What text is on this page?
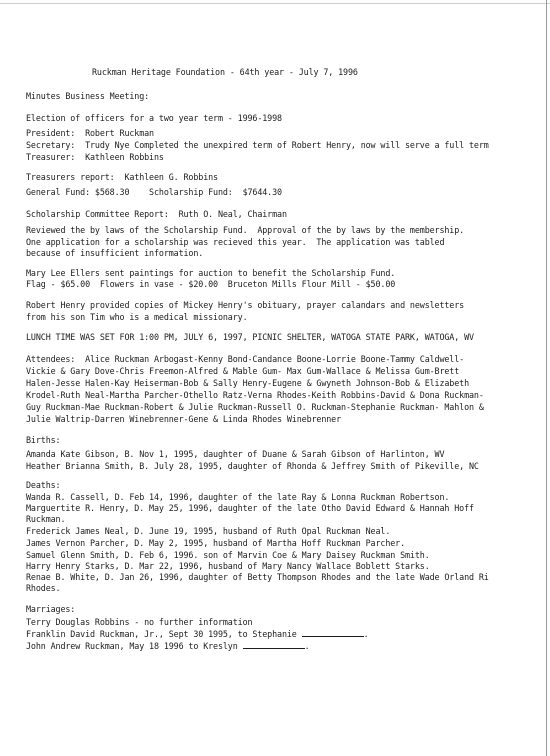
Ruckman Heritage Foundation - 64th year - July 7, 1996
Minutes Business Meeting:
Election of officers for a two year term - 1996-1998
President:  Robert Ruckman
Secretary:  Trudy Nye Completed the unexpired term of Robert Henry, now will serve a full term
Treasurer:  Kathleen Robbins
Treasurers report:  Kathleen G. Robbins
General Fund: $568.30    Scholarship Fund:  $7644.30
Scholarship Committee Report:  Ruth O. Neal, Chairman
Reviewed the by laws of the Scholarship Fund.  Approval of the by laws by the membership.
One application for a scholarship was recieved this year.  The application was tabled
because of insufficient information.
Mary Lee Ellers sent paintings for auction to benefit the Scholarship Fund.
Flag - $65.00  Flowers in vase - $20.00  Bruceton Mills Flour Mill - $50.00
Robert Henry provided copies of Mickey Henry's obituary, prayer calandars and newsletters
from his son Tim who is a medical missionary.
LUNCH TIME WAS SET FOR 1:00 PM, JULY 6, 1997, PICNIC SHELTER, WATOGA STATE PARK, WATOGA, WV
Attendees:  Alice Ruckman Arbogast-Kenny Bond-Candance Boone-Lorrie Boone-Tammy Caldwell-
Vickie & Gary Dove-Chris Freemon-Alfred & Mable Gum- Max Gum-Wallace & Melissa Gum-Brett
Halen-Jesse Halen-Kay Heiserman-Bob & Sally Henry-Eugene & Gwyneth Johnson-Bob & Elizabeth
Krodel-Ruth Neal-Martha Parcher-Othello Ratz-Verna Rhodes-Keith Robbins-David & Dona Ruckman-
Guy Ruckman-Mae Ruckman-Robert & Julie Ruckman-Russell O. Ruckman-Stephanie Ruckman- Mahlon &
Julie Waltrip-Darren Winebrenner-Gene & Linda Rhodes Winebrenner
Births:
Amanda Kate Gibson, B. Nov 1, 1995, daughter of Duane & Sarah Gibson of Harlinton, WV
Heather Brianna Smith, B. July 28, 1995, daughter of Rhonda & Jeffrey Smith of Pikeville, NC
Deaths:
Wanda R. Cassell, D. Feb 14, 1996, daughter of the late Ray & Lonna Ruckman Robertson.
Marguertite R. Henry, D. May 25, 1996, daughter of the late Otho David Edward & Hannah Hoff
Ruckman.
Frederick James Neal, D. June 19, 1995, husband of Ruth Opal Ruckman Neal.
James Vernon Parcher, D. May 2, 1995, husband of Martha Hoff Ruckman Parcher.
Samuel Glenn Smith, D. Feb 6, 1996. son of Marvin Coe & Mary Daisey Ruckman Smith.
Harry Henry Starks, D. Mar 22, 1996, husband of Mary Nancy Wallace Boblett Starks.
Renae B. White, D. Jan 26, 1996, daughter of Betty Thompson Rhodes and the late Wade Orland Ri
Rhodes.
Marriages:
Terry Douglas Robbins - no further information
Franklin David Ruckman, Jr., Sept 30 1995, to Stephanie	.
John Andrew Ruckman, May 18 1996 to Kreslyn	.
